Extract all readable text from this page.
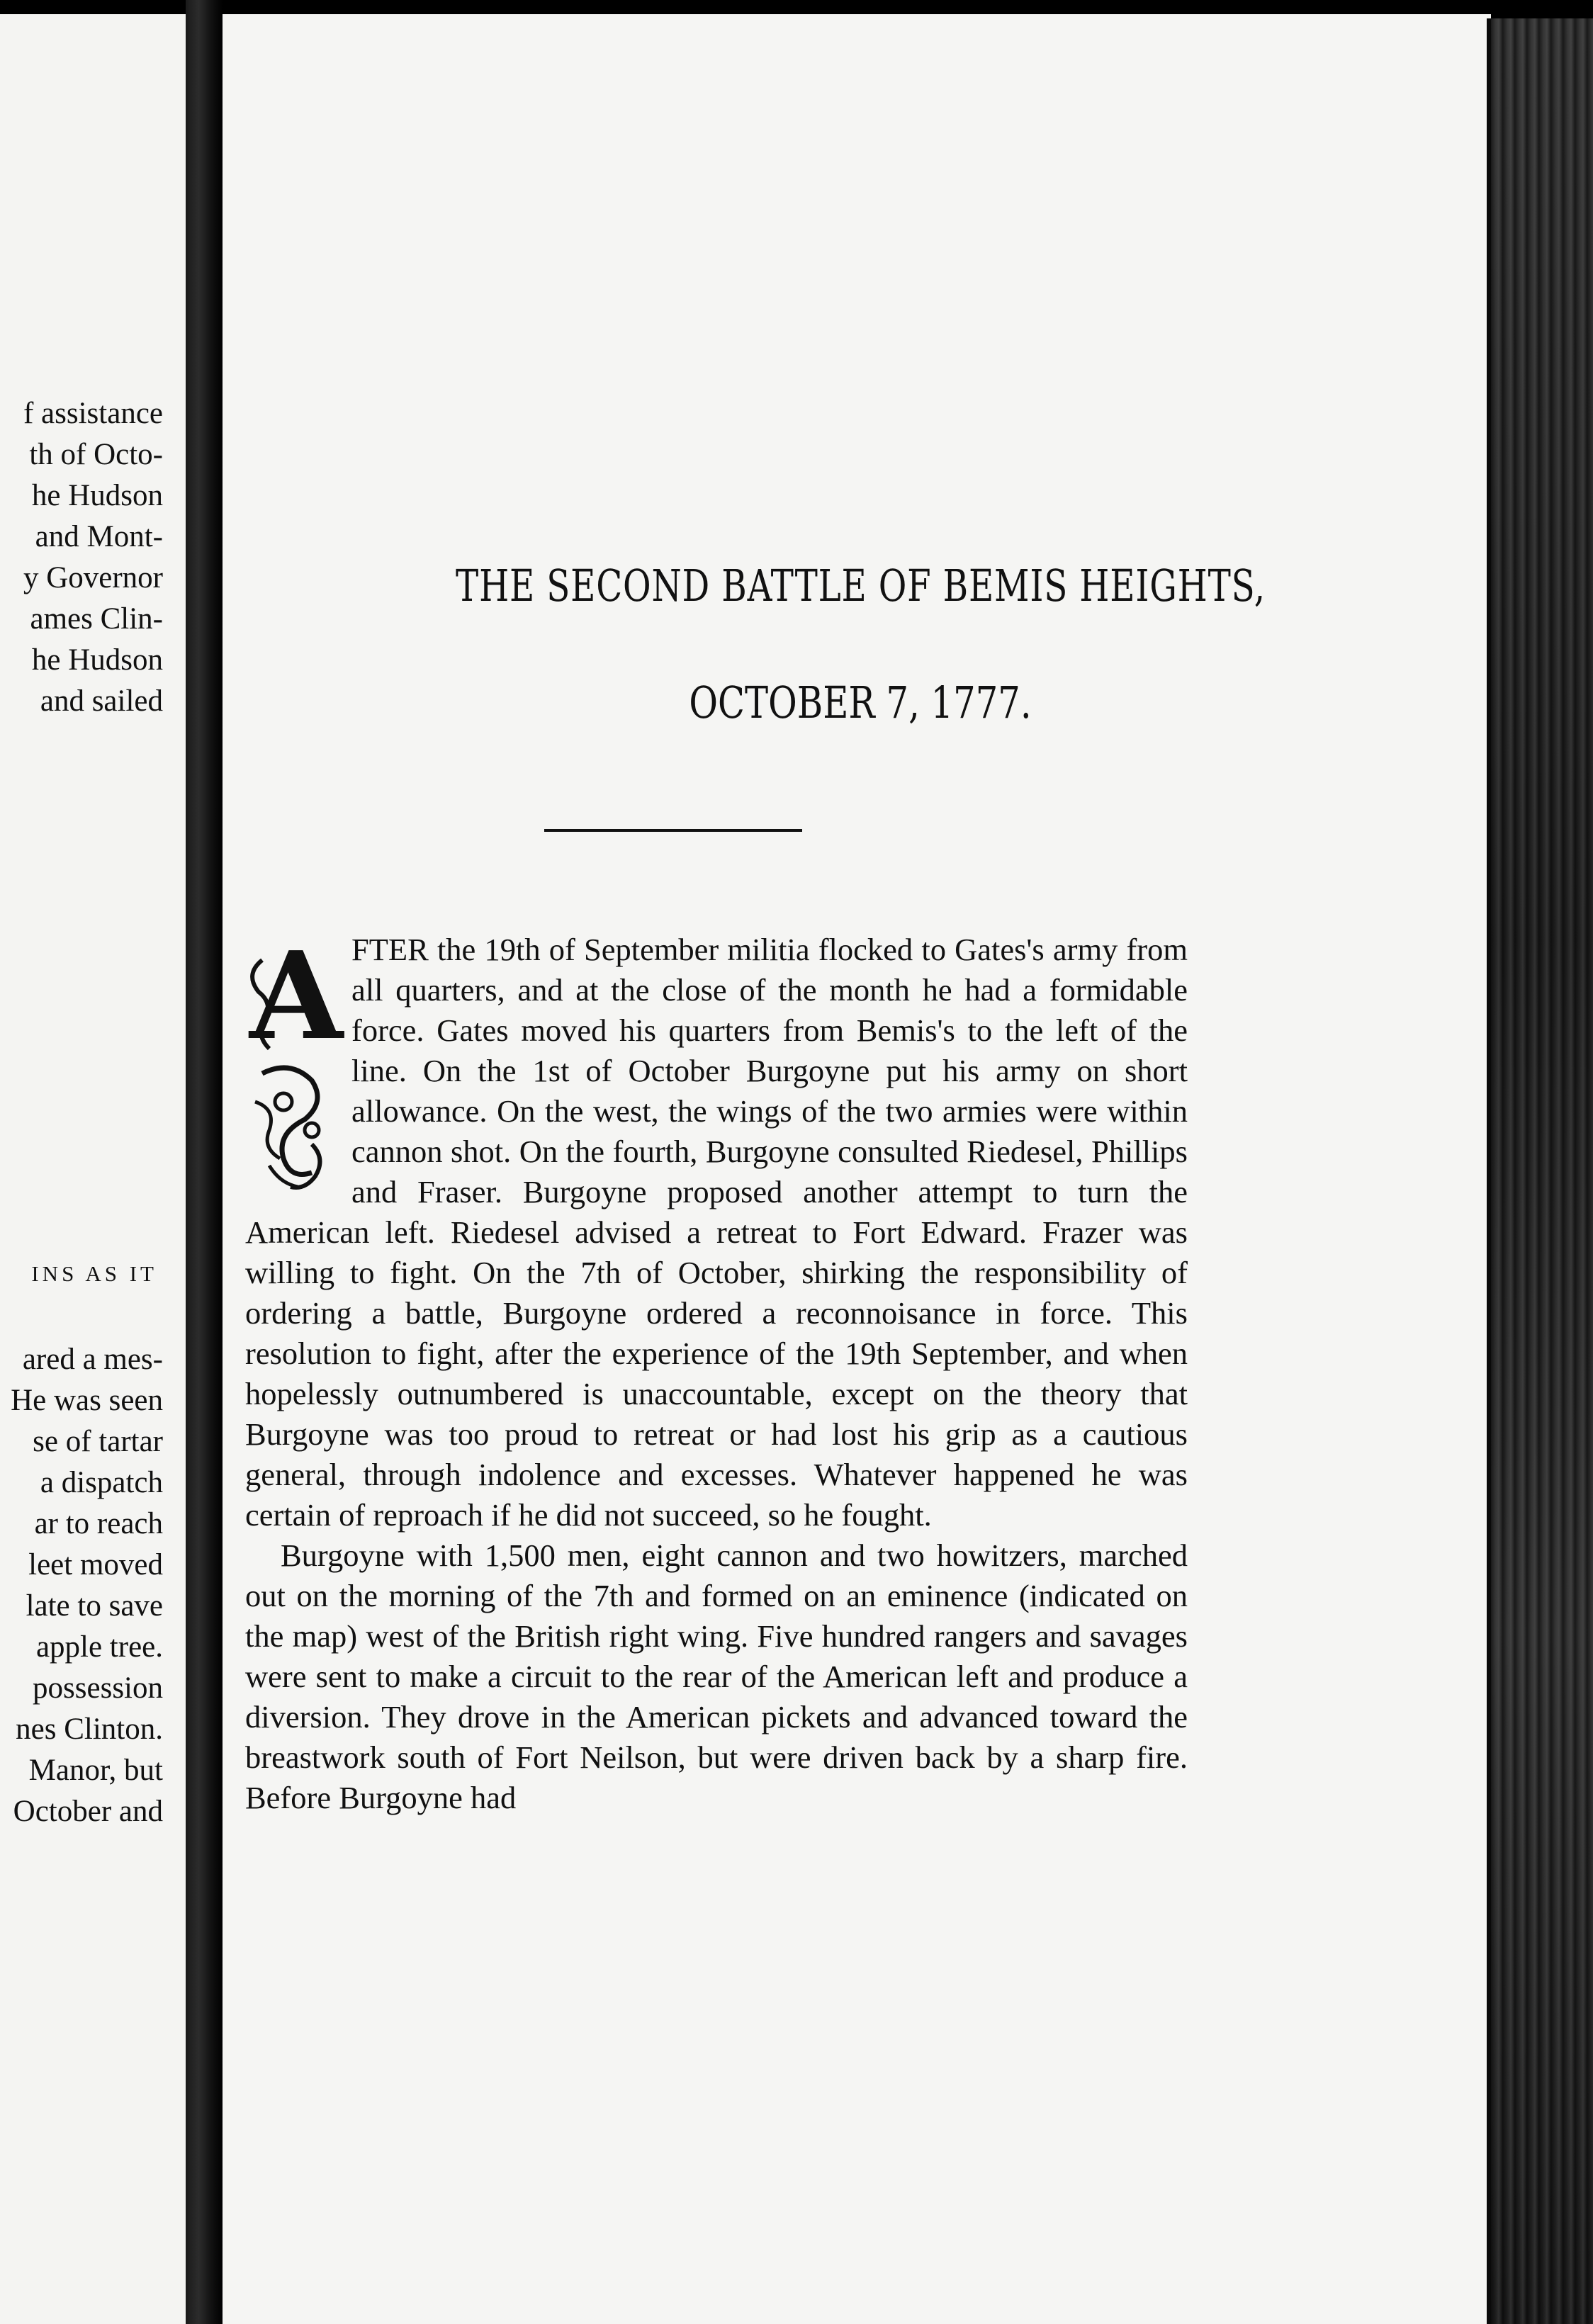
f assistance
th of Octo-
he Hudson
and Mont-
y Governor
ames Clin-
he Hudson
and sailed
INS AS IT
ared a mes-
He was seen
se of tartar
a dispatch
ar to reach
leet moved
late to save
apple tree.
possession
nes Clinton.
Manor, but
October and
THE SECOND BATTLE OF BEMIS HEIGHTS,
OCTOBER 7, 1777.

FTER the 19th of September militia flocked to Gates's army from all quarters, and at the close of the month he had a formidable force. Gates moved his quarters from Bemis's to the left of the line. On the 1st of October Burgoyne put his army on short allowance. On the west, the wings of the two armies were within cannon shot. On the fourth, Burgoyne consulted Riedesel, Phillips and Fraser. Burgoyne proposed another attempt to turn the American left. Riedesel advised a retreat to Fort Edward. Frazer was willing to fight. On the 7th of October, shirking the responsibility of ordering a battle, Burgoyne ordered a reconnoisance in force. This resolution to fight, after the experience of the 19th September, and when hopelessly outnumbered is unaccountable, except on the theory that Burgoyne was too proud to retreat or had lost his grip as a cautious general, through indolence and excesses. Whatever happened he was certain of reproach if he did not succeed, so he fought.

Burgoyne with 1,500 men, eight cannon and two howitzers, marched out on the morning of the 7th and formed on an eminence (indicated on the map) west of the British right wing. Five hundred rangers and savages were sent to make a circuit to the rear of the American left and produce a diversion. They drove in the American pickets and advanced toward the breastwork south of Fort Neilson, but were driven back by a sharp fire. Before Burgoyne had

A
